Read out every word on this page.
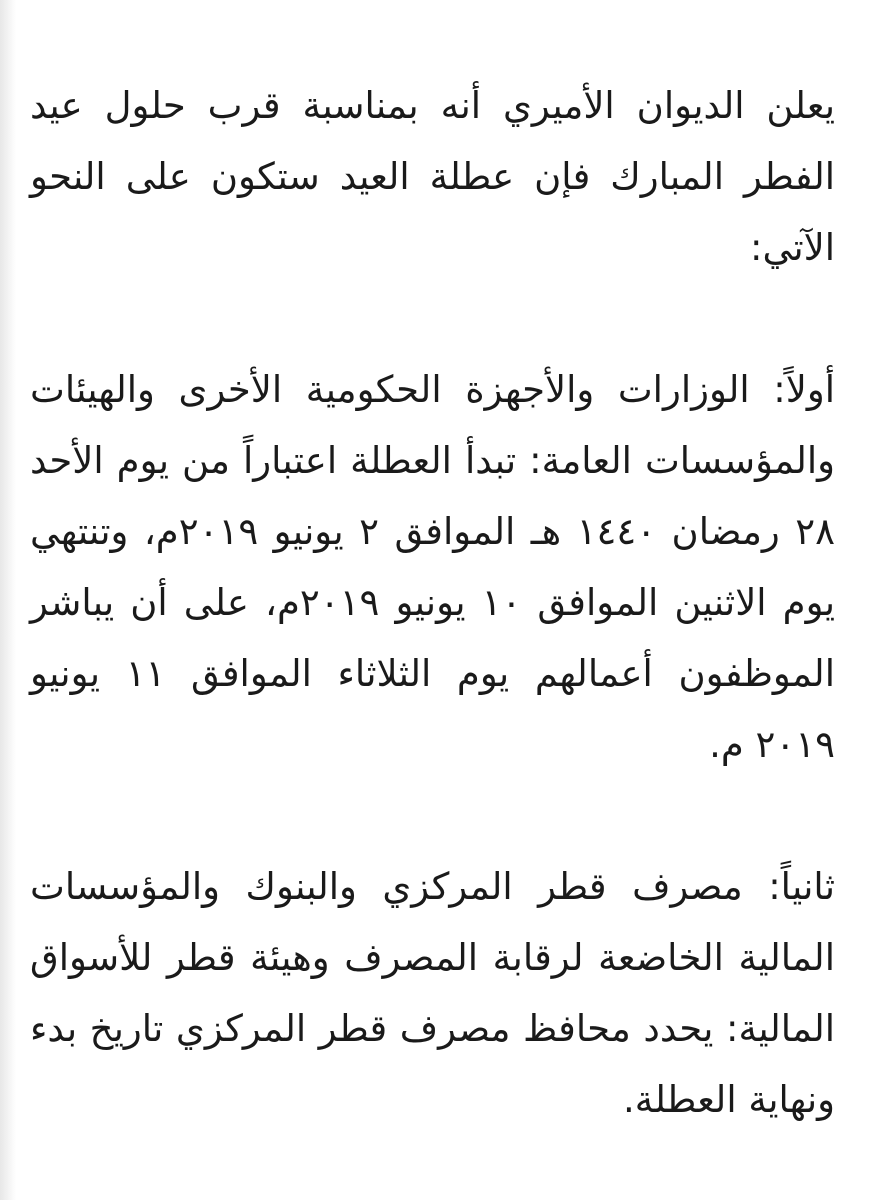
يعلن الديوان الأميري أنه بمناسبة قرب حلول عيد الفطر المبارك فإن عطلة العيد ستكون على النحو الآتي:

أولاً: الوزارات والأجهزة الحكومية الأخرى والهيئات والمؤسسات العامة: تبدأ العطلة اعتباراً من يوم الأحد ٢٨ رمضان ١٤٤٠ هـ الموافق ٢ يونيو ٢٠١٩م، وتنتهي يوم الاثنين الموافق ١٠ يونيو ٢٠١٩م، على أن يباشر الموظفون أعمالهم يوم الثلاثاء الموافق ١١ يونيو ٢٠١٩ م.

ثانياً: مصرف قطر المركزي والبنوك والمؤسسات المالية الخاضعة لرقابة المصرف وهيئة قطر للأسواق المالية: يحدد محافظ مصرف قطر المركزي تاريخ بدء ونهاية العطلة.
